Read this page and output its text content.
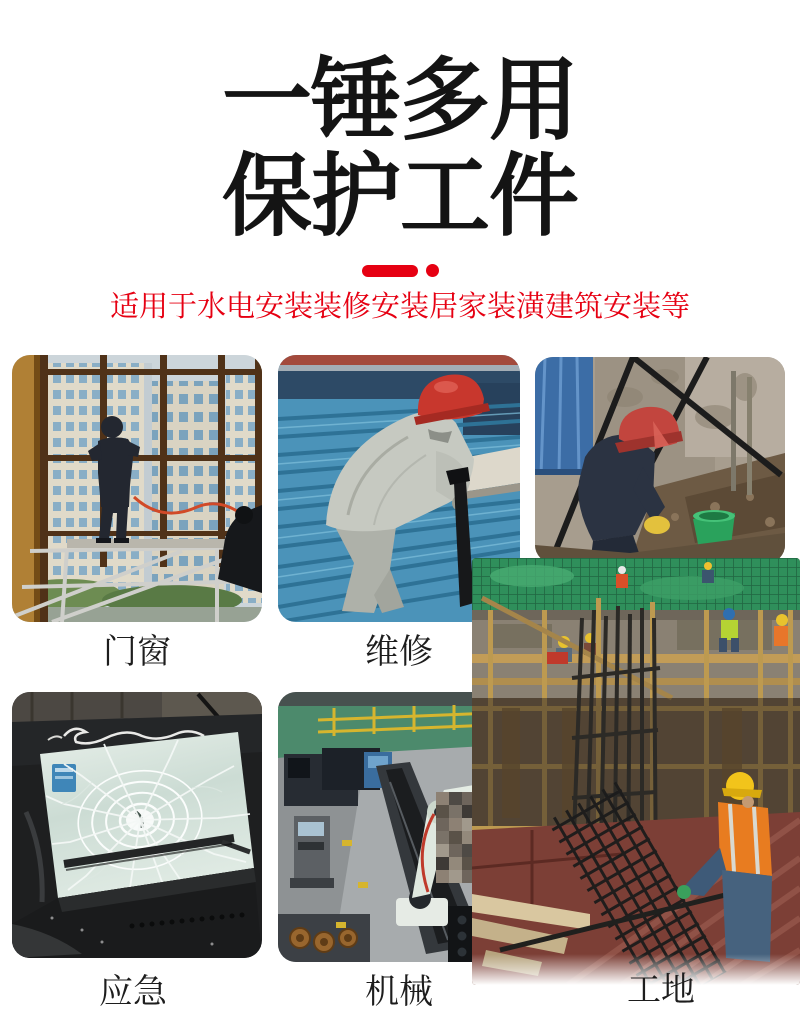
一锤多用
保护工件
适用于水电安装装修安装居家装潢建筑安装等
门窗	维修
应急	机械	工地
